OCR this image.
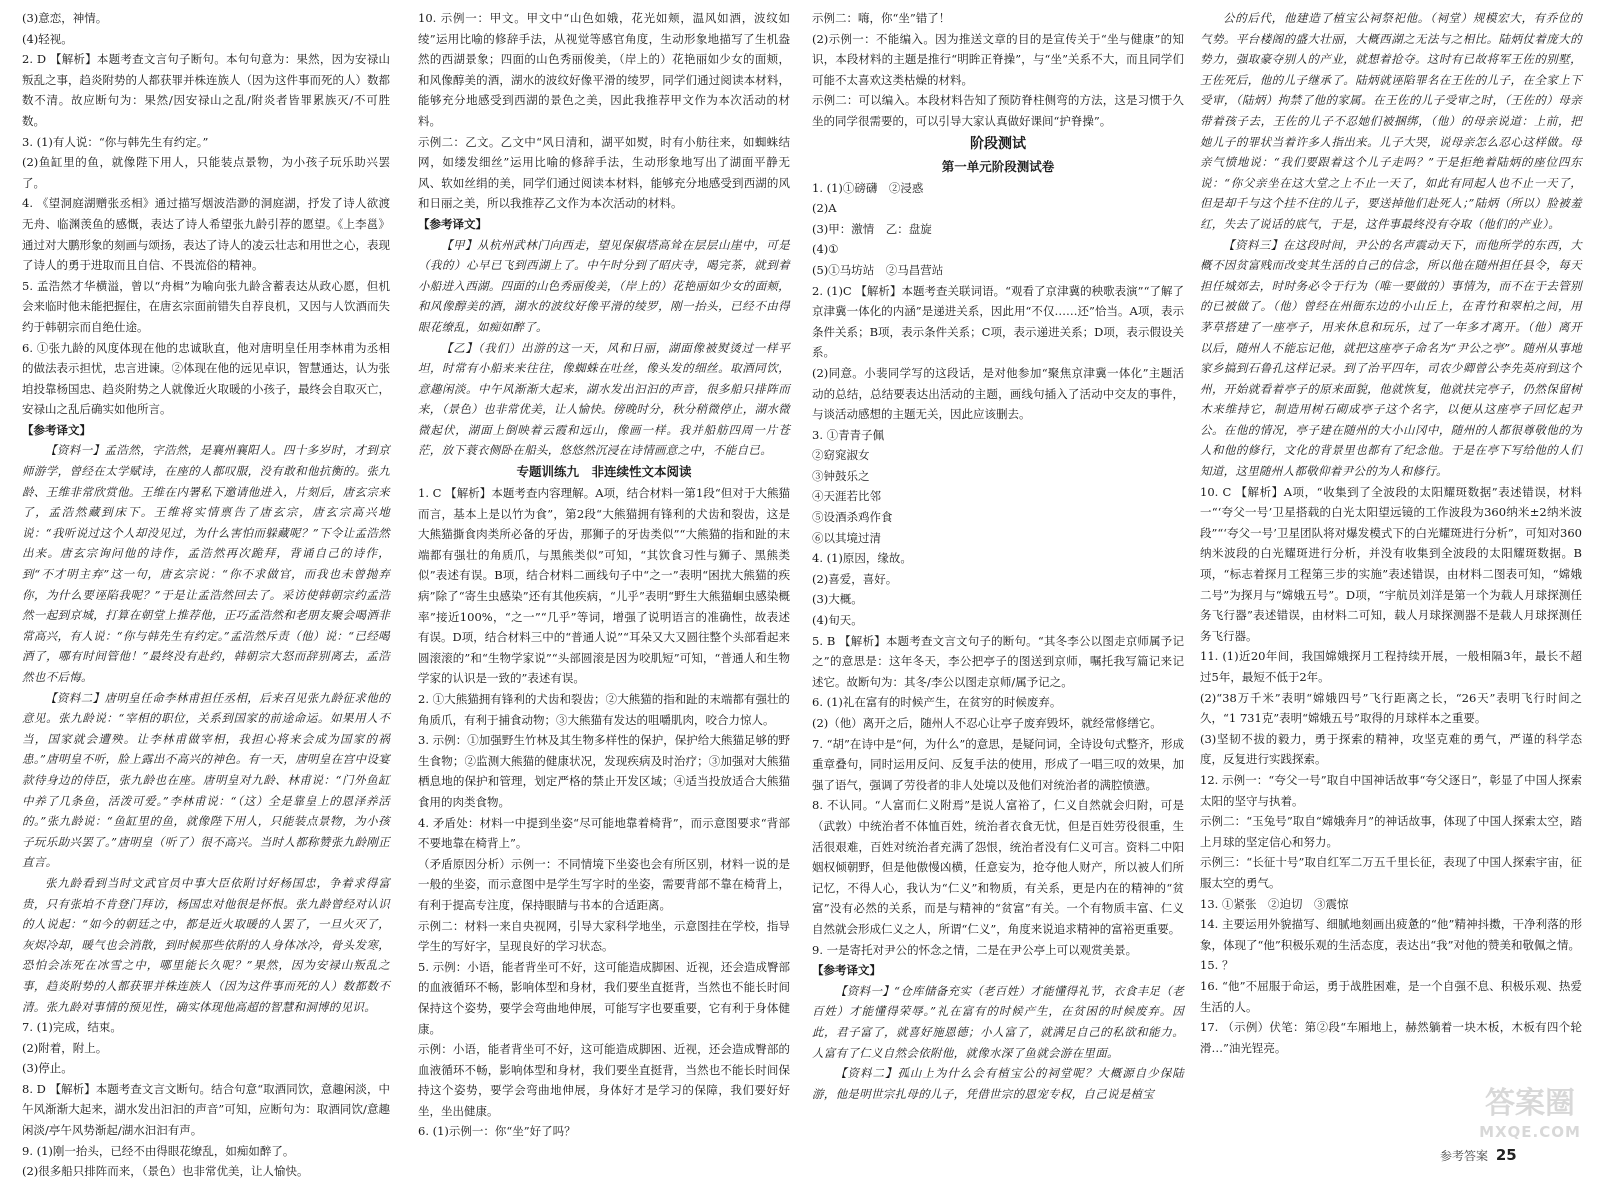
(3)意恋，神情。

(4)轻视。

2. D 【解析】本题考查文言句子断句。本句句意为：果然，因为安禄山叛乱之事，趋炎附势的人都获罪并株连族人（因为这件事而死的人）数都数不清。故应断句为：果然/因安禄山之乱/附炎者皆罪累族灭/不可胜数。

3. (1)有人说：“你与韩先生有约定。”

(2)鱼缸里的鱼，就像陛下用人，只能装点景物，为小孩子玩乐助兴罢了。

4. 《望洞庭湖赠张丞相》通过描写烟波浩渺的洞庭湖，抒发了诗人欲渡无舟、临渊羡鱼的感慨，表达了诗人希望张九龄引荐的愿望。《上李邕》通过对大鹏形象的刻画与颂扬，表达了诗人的凌云壮志和用世之心，表现了诗人的勇于进取而且自信、不畏流俗的精神。

5. 孟浩然才华横溢，曾以“舟楫”为喻向张九龄含蓄表达从政心愿，但机会来临时他未能把握住，在唐玄宗面前错失自荐良机，又因与人饮酒而失约于韩朝宗而自绝仕途。

6. ①张九龄的风度体现在他的忠诚耿直，他对唐明皇任用李林甫为丞相的做法表示担忧，忠言进谏。②体现在他的远见卓识，智慧通达，认为张垍投靠杨国忠、趋炎附势之人就像近火取暖的小孩子，最终会自取灭亡，安禄山之乱后确实如他所言。

【参考译文】

【资料一】孟浩然，字浩然，是襄州襄阳人。四十多岁时，才到京师游学，曾经在太学赋诗，在座的人都叹服，没有敢和他抗衡的。张九龄、王维非常欣赏他。王维在内署私下邀请他进入，片刻后，唐玄宗来了，孟浩然藏到床下。王维将实情禀告了唐玄宗，唐玄宗高兴地说：“我听说过这个人却没见过，为什么害怕而躲藏呢？”下令让孟浩然出来。唐玄宗询问他的诗作，孟浩然再次跪拜，背诵自己的诗作，到“不才明主弃”这一句，唐玄宗说：“你不求做官，而我也未曾抛弃你，为什么要诬陷我呢？”于是让孟浩然回去了。采访使韩朝宗约孟浩然一起到京城，打算在朝堂上推荐他，正巧孟浩然和老朋友聚会喝酒非常高兴，有人说：“你与韩先生有约定。”孟浩然斥责（他）说：“已经喝酒了，哪有时间管他！”最终没有赴约，韩朝宗大怒而辞别离去，孟浩然也不后悔。

【资料二】唐明皇任命李林甫担任丞相，后来召见张九龄征求他的意见。张九龄说：“宰相的职位，关系到国家的前途命运。如果用人不当，国家就会遭殃。让李林甫做宰相，我担心将来会成为国家的祸患。”唐明皇不听，脸上露出不高兴的神色。有一天，唐明皇在宫中设宴款待身边的侍臣，张九龄也在座。唐明皇对九龄、林甫说：“门外鱼缸中养了几条鱼，活泼可爱。”李林甫说：“（这）全是靠皇上的恩泽养活的。”张九龄说：“鱼缸里的鱼，就像陛下用人，只能装点景物，为小孩子玩乐助兴罢了。”唐明皇（听了）很不高兴。当时人都称赞张九龄刚正直言。

张九龄看到当时文武官员中事大臣依附讨好杨国忠，争着求得富贵，只有张垍不肯登门拜访，杨国忠对他很是怀恨。张九龄曾经对认识的人说起：“如今的朝廷之中，都是近火取暖的人罢了，一旦火灭了，灰烬冷却，暖气也会消散，到时候那些依附的人身体冰冷，骨头发寒，恐怕会冻死在冰雪之中，哪里能长久呢？”果然，因为安禄山叛乱之事，趋炎附势的人都获罪并株连族人（因为这件事而死的人）数都数不清。张九龄对事情的预见性，确实体现他高超的智慧和洞博的见识。

7. (1)完成，结束。

(2)附着，附上。

(3)停止。

8. D 【解析】本题考查文言文断句。结合句意“取酒同饮，意趣闲淡，中午风渐渐大起来，湖水发出汩汩的声音”可知，应断句为：取酒同饮/意趣闲淡/亭午风势渐起/湖水汩汩有声。

9. (1)刚一抬头，已经不由得眼花缭乱，如痴如醉了。

(2)很多船只排阵而来，（景色）也非常优美，让人愉快。

10. 示例一：甲文。甲文中“山色如娥，花光如颊，温风如酒，波纹如绫”运用比喻的修辞手法，从视觉等感官角度，生动形象地描写了生机盎然的西湖景象；四面的山色秀丽俊美，（岸上的）花艳丽如少女的面颊，和风像醇美的酒，湖水的波纹好像平滑的绫罗，同学们通过阅读本材料，能够充分地感受到西湖的景色之美，因此我推荐甲文作为本次活动的材料。

示例二：乙文。乙文中“风日清和，湖平如熨，时有小舫往来，如蜘蛛结网，如缕发细丝”运用比喻的修辞手法，生动形象地写出了湖面平静无风、软如丝绢的美，同学们通过阅读本材料，能够充分地感受到西湖的风和日丽之美，所以我推荐乙文作为本次活动的材料。

【参考译文】

【甲】从杭州武林门向西走，望见保俶塔高耸在层层山崖中，可是（我的）心早已飞到西湖上了。中午时分到了昭庆寺，喝完茶，就到着小船进入西湖。四面的山色秀丽俊美，（岸上的）花艳丽如少女的面颊，和风像醇美的酒，湖水的波纹好像平滑的绫罗，刚一抬头，已经不由得眼花缭乱，如痴如醉了。

【乙】（我们）出游的这一天，风和日丽，湖面像被熨烫过一样平坦，时常有小船来来往往，像蜘蛛在吐丝，像头发的细丝。取酒同饮，意趣闲淡。中午风渐渐大起来，湖水发出汩汩的声音，很多船只排阵而来，（景色）也非常优美，让人愉快。傍晚时分，秋分稍微停止，湖水微微起伏，湖面上倒映着云霞和远山，像画一样。我并船舫四周一片苍茫，放下蓑衣侧卧在船头，悠悠然沉浸在诗情画意之中，不能自已。

专题训练九　非连续性文本阅读

1. C 【解析】本题考查内容理解。A项，结合材料一第1段“但对于大熊猫而言，基本上是以竹为食”，第2段“大熊猫拥有锋利的犬齿和裂齿，这是大熊猫撕食肉类所必备的牙齿，那狮子的牙齿类似”“大熊猫的指和趾的末端都有强壮的角质爪，与黑熊类似”可知，“其饮食习性与狮子、黑熊类似”表述有误。B项，结合材料二画线句子中“之一”表明“困扰大熊猫的疾病”除了“寄生虫感染”还有其他疾病，“儿乎”表明“野生大熊猫蛔虫感染概率”接近100%，“之一”“几乎”等词，增强了说明语言的准确性，故表述有误。D项，结合材料三中的“普通人说”“耳朵又大又圆往整个头部看起来圆滚滚的”和“生物学家说”“头部圆滚是因为咬肌短”可知，“普通人和生物学家的认识是一致的”表述有误。

2. ①大熊猫拥有锋利的犬齿和裂齿；②大熊猫的指和趾的末端都有强壮的角质爪，有利于捕食动物；③大熊猫有发达的咀嚼肌肉，咬合力惊人。

3. 示例：①加强野生竹林及其生物多样性的保护，保护给大熊猫足够的野生食物；②监测大熊猫的健康状况，发现疾病及时治疗；③加强对大熊猫栖息地的保护和管理，划定严格的禁止开发区域；④适当投放适合大熊猫食用的肉类食物。

4. 矛盾处：材料一中提到坐姿“尽可能地靠着椅背”，而示意图要求“背部不要地靠在椅背上”。

（矛盾原因分析）示例一：不同情境下坐姿也会有所区别，材料一说的是一般的坐姿，而示意图中是学生写字时的坐姿，需要背部不靠在椅背上，有利于提高专注度，保持眼睛与书本的合适距离。

示例二：材料一来自央视网，引导大家科学地坐，示意图挂在学校，指导学生的写好字，呈现良好的学习状态。

5. 示例：小语，能者背坐可不好，这可能造成脚困、近视，还会造成臀部的血液循环不畅，影响体型和身材，我们要坐直挺背，当然也不能长时间保持这个姿势，要学会弯曲地伸展，可能写字也要重要，它有利于身体健康。

示例：小语，能者背坐可不好，这可能造成脚困、近视，还会造成臀部的血液循环不畅，影响体型和身材，我们要坐直挺背，当然也不能长时间保持这个姿势，要学会弯曲地伸展，身体好才是学习的保障，我们要好好坐，坐出健康。

6. (1)示例一：你“坐”好了吗？

示例二：嗨，你“坐”错了！

(2)示例一：不能编入。因为推送文章的目的是宣传关于“坐与健康”的知识，本段材料的主题是推行“明眸正脊操”，与“坐”关系不大，而且同学们可能不太喜欢这类枯燥的材料。

示例二：可以编入。本段材料告知了预防脊柱侧弯的方法，这是习惯于久坐的同学很需要的，可以引导大家认真做好课间“护脊操”。

阶段测试

第一单元阶段测试卷

1. (1)①磅礴　②浸惑

(2)A

(3)甲：激情　乙：盘旋

(4)①

(5)①马坊站　②马昌营站

2. (1)C 【解析】本题考查关联词语。“观看了京津冀的秧歌表演”“了解了京津冀一体化的内涵”是递进关系，因此用“不仅……还”恰当。A项，表示条件关系；B项，表示条件关系；C项，表示递进关系；D项，表示假设关系。

(2)同意。小裴同学写的这段话，是对他参加“聚焦京津冀一体化”主题活动的总结，总结要表达出活动的主题，画线句插入了活动中交友的事件，与谈活动感想的主题无关，因此应该删去。

3. ①青青子佩

②窈窕淑女

③钟鼓乐之

④天涯若比邻

⑤设酒杀鸡作食

⑥以其境过清

4. (1)原因，缘故。

(2)喜爱，喜好。

(3)大概。

(4)旬天。

5. B 【解析】本题考查文言文句子的断句。“其冬李公以图走京师属予记之”的意思是：这年冬天，李公把亭子的图送到京师，嘱托我写篇记来记述它。故断句为：其冬/李公以图走京师/属予记之。

6. (1)礼在富有的时候产生，在贫穷的时候废弃。

(2)（他）离开之后，随州人不忍心让亭子废弃毁坏，就经常修缮它。

7. “胡”在诗中是“何，为什么”的意思，是疑问词，全诗设句式整齐，形成重章叠句，同时运用反问、反复手法的使用，形成了一唱三叹的效果，加强了语气，强调了劳役者的非人处境以及他们对统治者的满腔愤懑。

8. 不认同。“人富而仁义附焉”是说人富裕了，仁义自然就会归附，可是（武敦）中统治者不体恤百姓，统治者衣食无忧，但是百姓劳役很重，生活很艰难，百姓对统治者充满了怨恨，统治者没有仁义可言。资料二中阳姻权倾朝野，但是他傲慢凶横，任意妄为，抢夺他人财产，所以被人们所记忆，不得人心，我认为“仁义”和物质，有关系，更是内在的精神的“贫富”没有必然的关系，而是与精神的“贫富”有关。一个有物质丰富、仁义自然就会形成仁义之人，所谓“仁义”，角度来说追求精神的富裕更重要。

9. 一是寄托对尹公的怀念之情，二是在尹公亭上可以观赏美景。

【参考译文】

【资料一】“仓库储备充实（老百姓）才能懂得礼节，衣食丰足（老百姓）才能懂得荣辱。”礼在富有的时候产生，在贫困的时候废弃。因此，君子富了，就喜好施恩德；小人富了，就满足自己的私欲和能力。人富有了仁义自然会依附他，就像水深了鱼就会游在里面。

【资料二】孤山上为什么会有植宝公的祠堂呢？大概源自少保陆游，他是明世宗扎母的儿子，凭借世宗的恩宠专权，自己说是植宝

公的后代，他建造了植宝公祠祭祀他。（祠堂）规模宏大，有乔位的气势。平台楼阁的盛大壮丽，大概西湖之无法与之相比。陆炳仗着庞大的势力，强取豪夺别人的产业，就想着抢夺。这时有已故将军王佐的别墅，王佐死后，他的儿子继承了。陆炳就诬陷罪名在王佐的儿子，在全家上下受审，（陆炳）拘禁了他的家属。在王佐的儿子受审之时，（王佐的）母亲带着孩子去，王佐的儿子不忍她们被捆绑，（他）的母亲说道：上前，把她儿子的罪状当着许多人指出来。儿子大哭，说母亲怎么忍心这样做。母亲气愤地说：“我们要跟着这个儿子走吗？”于是拒绝着陆炳的座位四东说：“你父亲坐在这大堂之上不止一天了，如此有同起人也不止一天了，但是却千与这个挂不住的儿子，要送掉他们赴死人；”陆炳（所以）脸被羞红，失去了说话的底气，于是，这件事最终没有夺取（他们的产业）。

【资料三】在这段时间，尹公的名声震动天下，而他所学的东西，大概不因贫富贱而改变其生活的自己的信念，所以他在随州担任县令，每天担任城郊去，时时务必令于行为（唯一要做的）事情为，而不在于去管别的已被做了。（他）曾经在州衙东边的小山丘上，在青竹和翠柏之间，用茅草搭建了一座亭子，用来休息和玩乐，过了一年多才离开。（他）离开以后，随州人不能忘记他，就把这座亭子命名为“尹公之亭”。随州从事地家乡搞到石鲁孔这样记录。到了治平四年，司农少卿曾公李先英府到这个州，开始就看着亭子的原来面貌，他就恢复，他就扶完亭子，仍然保留树木来维持它，制造用树石砌成亭子这个名字，以便从这座亭子回忆起尹公。在他的情况，亭子建在随州的大小山冈中，随州的人都很尊敬他的为人和他的修行，文化的背景里也都有了纪念他。于是在亭下写给他的人们知道，这里随州人都敬仰着尹公的为人和修行。

10. C 【解析】A项，“收集到了全波段的太阳耀斑数据”表述错误，材料一“‘夸父一号’卫星搭载的白光太阳望远镜的工作波段为360纳米±2纳米波段”“‘夸父一号’卫星团队将对爆发模式下的白光耀斑进行分析”，可知对360纳米波段的白光耀斑进行分析，并没有收集到全波段的太阳耀斑数据。B项，“标志着探月工程第三步的实施”表述错误，由材料二图表可知，“嫦娥二号”为探月与“嫦娥五号”。D项，“宇航员刘洋是第一个为载人月球探测任务飞行器”表述错误，由材料二可知，载人月球探测器不是载人月球探测任务飞行器。

11. (1)近20年间，我国嫦娥探月工程持续开展，一般相隔3年，最长不超过5年，最短不低于2年。

(2)“38万千米”表明“嫦娥四号”飞行距离之长，“26天”表明飞行时间之久，“1 731克”表明“嫦娥五号”取得的月球样本之重要。

(3)坚韧不拔的毅力，勇于探索的精神，攻坚克难的勇气，严谨的科学态度，反复进行实践探索。

12. 示例一：“夸父一号”取自中国神话故事“夸父逐日”，彰显了中国人探索太阳的坚守与执着。

示例二：“玉兔号”取自“嫦娥奔月”的神话故事，体现了中国人探索太空，踏上月球的坚定信心和努力。

示例三：“长征十号”取自红军二万五千里长征，表现了中国人探索宇宙，征服太空的勇气。

13. ①紧张　②迫切　③震惊

14. 主要运用外貌描写、细腻地刻画出疲惫的“他”精神抖擞，干净利落的形象，体现了“他”积极乐观的生活态度，表达出“我”对他的赞美和敬佩之情。

15. ？

16. “他”不屈服于命运，勇于战胜困难，是一个自强不息、积极乐观、热爱生活的人。

17. （示例）伏笔：第②段“车厢地上，赫然躺着一块木板，木板有四个轮滑…”油光锃亮。

参考答案 25
答案圈
MXQE.COM
